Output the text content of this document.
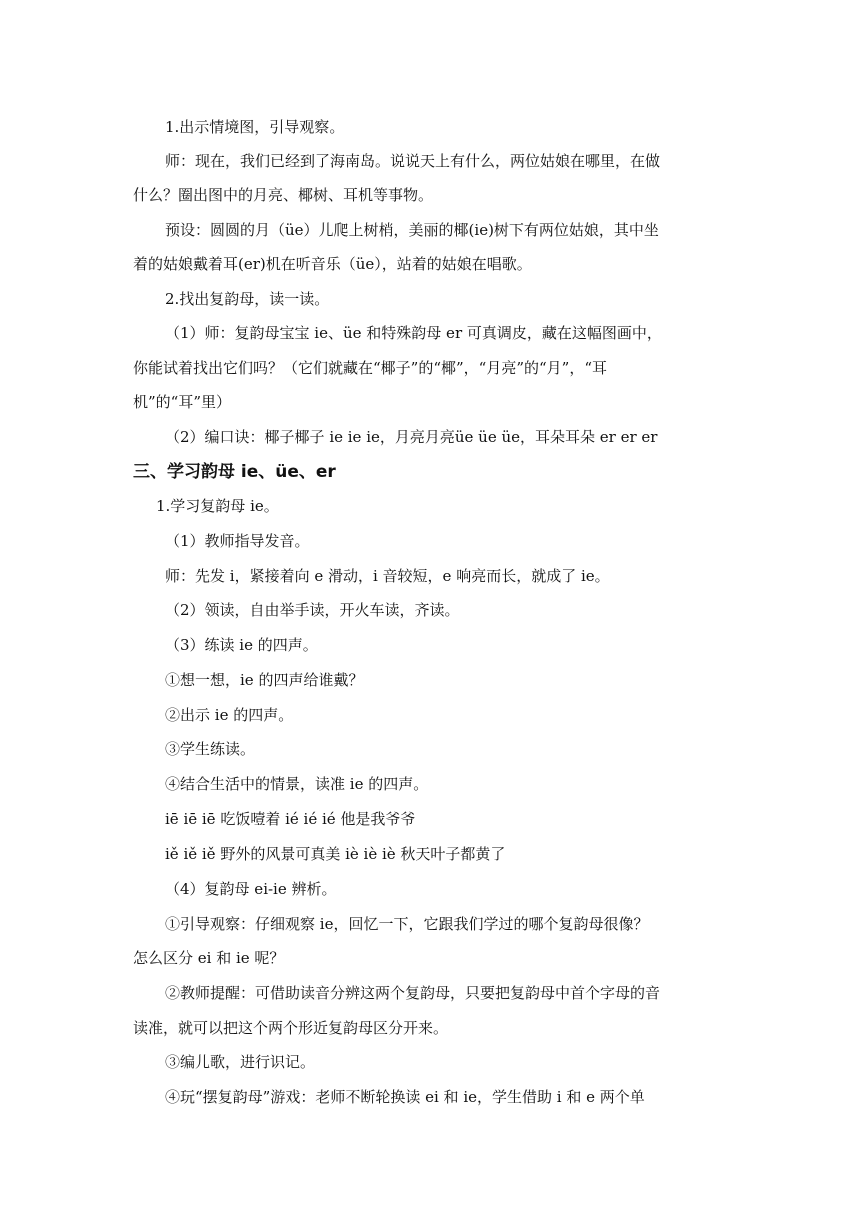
1.出示情境图，引导观察。
师：现在，我们已经到了海南岛。说说天上有什么，两位姑娘在哪里，在做
什么？圈出图中的月亮、椰树、耳机等事物。
预设：圆圆的月（üe）儿爬上树梢，美丽的椰(ie)树下有两位姑娘，其中坐
着的姑娘戴着耳(er)机在听音乐（üe），站着的姑娘在唱歌。
2.找出复韵母，读一读。
（1）师：复韵母宝宝 ie、üe 和特殊韵母 er 可真调皮，藏在这幅图画中，
你能试着找出它们吗？（它们就藏在“椰子”的“椰”，“月亮”的“月”，“耳
机”的“耳”里）
（2）编口诀：椰子椰子 ie ie ie，月亮月亮üe üe üe，耳朵耳朵 er er er
三、学习韵母 ie、üe、er
1.学习复韵母 ie。
（1）教师指导发音。
师：先发 i，紧接着向 e 滑动，i 音较短，e 响亮而长，就成了 ie。
（2）领读，自由举手读，开火车读，齐读。
（3）练读 ie 的四声。
①想一想，ie 的四声给谁戴？
②出示 ie 的四声。
③学生练读。
④结合生活中的情景，读准 ie 的四声。
iē iē iē 吃饭噎着 ié ié ié 他是我爷爷
iě iě iě 野外的风景可真美 iè iè iè 秋天叶子都黄了
（4）复韵母 ei-ie 辨析。
①引导观察：仔细观察 ie，回忆一下，它跟我们学过的哪个复韵母很像？
怎么区分 ei 和 ie 呢？
②教师提醒：可借助读音分辨这两个复韵母，只要把复韵母中首个字母的音
读准，就可以把这个两个形近复韵母区分开来。
③编儿歌，进行识记。
④玩“摆复韵母”游戏：老师不断轮换读 ei 和 ie，学生借助 i 和 e 两个单
